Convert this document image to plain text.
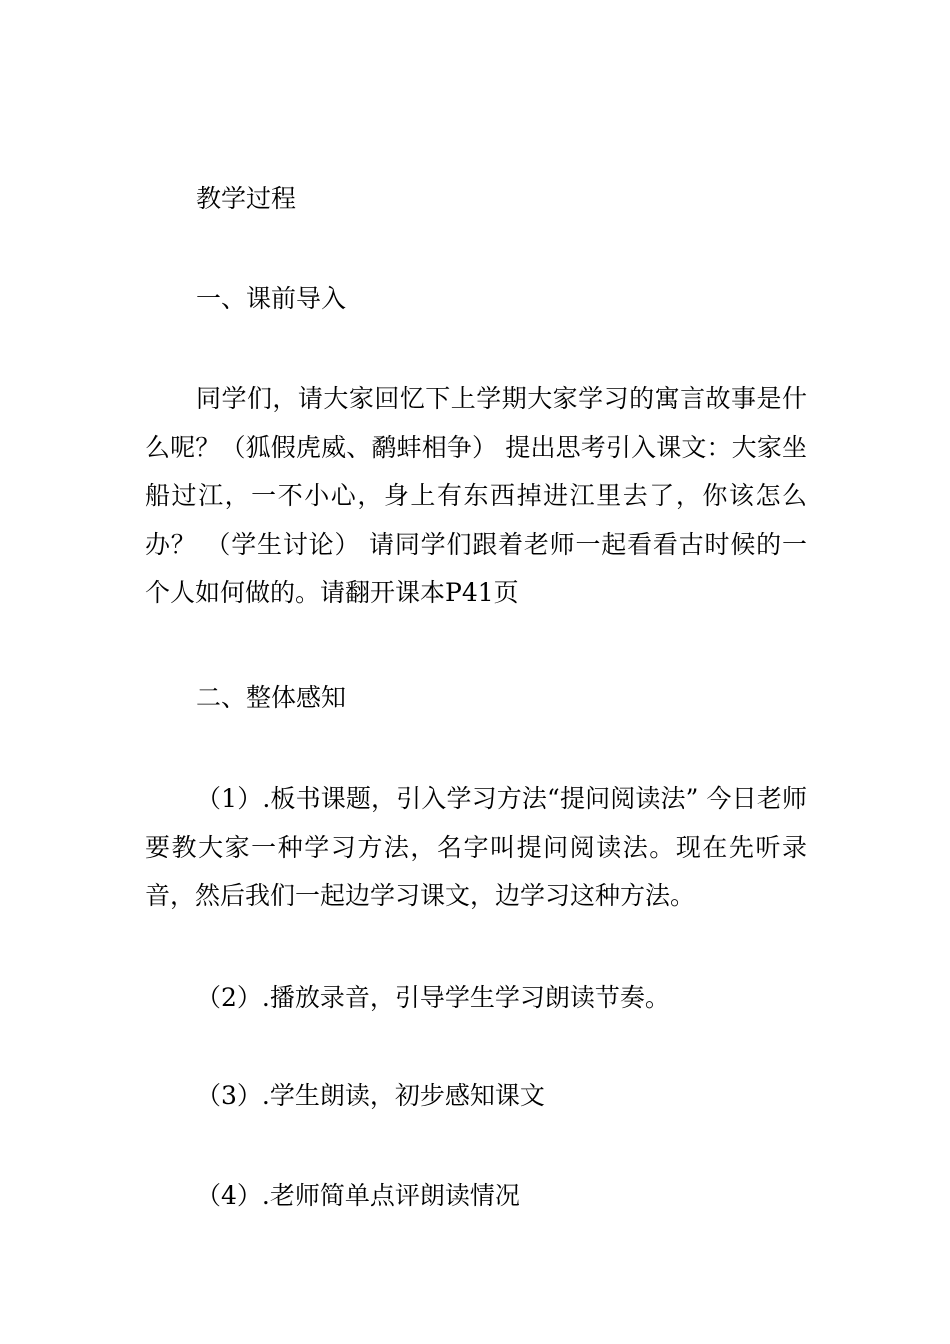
教学过程
一、课前导入
同学们，请大家回忆下上学期大家学习的寓言故事是什么呢？（狐假虎威、鹬蚌相争） 提出思考引入课文：大家坐船过江，一不小心，身上有东西掉进江里去了，你该怎么办？ （学生讨论） 请同学们跟着老师一起看看古时候的一个人如何做的。请翻开课本P41页
二、整体感知
（1）.板书课题，引入学习方法“提问阅读法” 今日老师要教大家一种学习方法，名字叫提问阅读法。现在先听录音，然后我们一起边学习课文，边学习这种方法。
（2）.播放录音，引导学生学习朗读节奏。
（3）.学生朗读，初步感知课文
（4）.老师简单点评朗读情况
